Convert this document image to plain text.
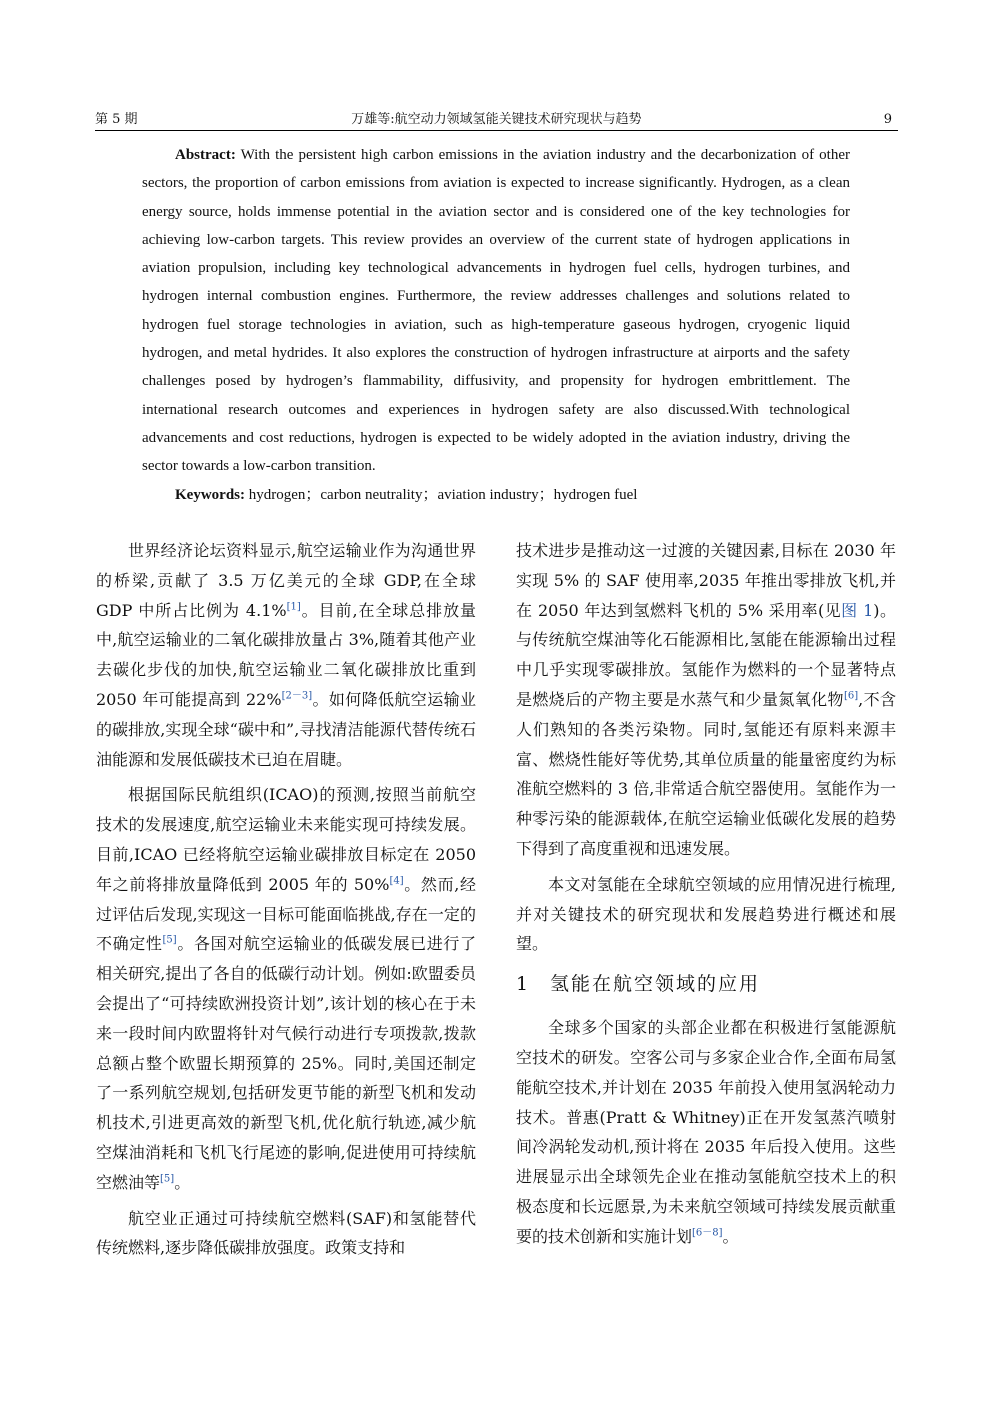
第 5 期	万雄等:航空动力领域氢能关键技术研究现状与趋势	9

Abstract: With the persistent high carbon emissions in the aviation industry and the decarbonization of other sectors, the proportion of carbon emissions from aviation is expected to increase significantly. Hydrogen, as a clean energy source, holds immense potential in the aviation sector and is considered one of the key technologies for achieving low-carbon targets. This review provides an overview of the current state of hydrogen applications in aviation propulsion, including key technological advancements in hydrogen fuel cells, hydrogen turbines, and hydrogen internal combustion engines. Furthermore, the review addresses challenges and solutions related to hydrogen fuel storage technologies in aviation, such as high-temperature gaseous hydrogen, cryogenic liquid hydrogen, and metal hydrides. It also explores the construction of hydrogen infrastructure at airports and the safety challenges posed by hydrogen’s flammability, diffusivity, and propensity for hydrogen embrittlement. The international research outcomes and experiences in hydrogen safety are also discussed.With technological advancements and cost reductions, hydrogen is expected to be widely adopted in the aviation industry, driving the sector towards a low-carbon transition.

Keywords: hydrogen；carbon neutrality；aviation industry；hydrogen fuel

世界经济论坛资料显示,航空运输业作为沟通世界的桥梁,贡献了 3.5 万亿美元的全球 GDP,在全球 GDP 中所占比例为 4.1%[1]。目前,在全球总排放量中,航空运输业的二氧化碳排放量占 3%,随着其他产业去碳化步伐的加快,航空运输业二氧化碳排放比重到 2050 年可能提高到 22%[2－3]。如何降低航空运输业的碳排放,实现全球“碳中和”,寻找清洁能源代替传统石油能源和发展低碳技术已迫在眉睫。

根据国际民航组织(ICAO)的预测,按照当前航空技术的发展速度,航空运输业未来能实现可持续发展。目前,ICAO 已经将航空运输业碳排放目标定在 2050 年之前将排放量降低到 2005 年的 50%[4]。然而,经过评估后发现,实现这一目标可能面临挑战,存在一定的不确定性[5]。各国对航空运输业的低碳发展已进行了相关研究,提出了各自的低碳行动计划。例如:欧盟委员会提出了“可持续欧洲投资计划”,该计划的核心在于未来一段时间内欧盟将针对气候行动进行专项拨款,拨款总额占整个欧盟长期预算的 25%。同时,美国还制定了一系列航空规划,包括研发更节能的新型飞机和发动机技术,引进更高效的新型飞机,优化航行轨迹,减少航空煤油消耗和飞机飞行尾迹的影响,促进使用可持续航空燃油等[5]。

航空业正通过可持续航空燃料(SAF)和氢能替代传统燃料,逐步降低碳排放强度。政策支持和

技术进步是推动这一过渡的关键因素,目标在 2030 年实现 5% 的 SAF 使用率,2035 年推出零排放飞机,并在 2050 年达到氢燃料飞机的 5% 采用率(见图 1)。与传统航空煤油等化石能源相比,氢能在能源输出过程中几乎实现零碳排放。氢能作为燃料的一个显著特点是燃烧后的产物主要是水蒸气和少量氮氧化物[6],不含人们熟知的各类污染物。同时,氢能还有原料来源丰富、燃烧性能好等优势,其单位质量的能量密度约为标准航空燃料的 3 倍,非常适合航空器使用。氢能作为一种零污染的能源载体,在航空运输业低碳化发展的趋势下得到了高度重视和迅速发展。

本文对氢能在全球航空领域的应用情况进行梳理,并对关键技术的研究现状和发展趋势进行概述和展望。

1 氢能在航空领域的应用

全球多个国家的头部企业都在积极进行氢能源航空技术的研发。空客公司与多家企业合作,全面布局氢能航空技术,并计划在 2035 年前投入使用氢涡轮动力技术。普惠(Pratt & Whitney)正在开发氢蒸汽喷射间冷涡轮发动机,预计将在 2035 年后投入使用。这些进展显示出全球领先企业在推动氢能航空技术上的积极态度和长远愿景,为未来航空领域可持续发展贡献重要的技术创新和实施计划[6－8]。
